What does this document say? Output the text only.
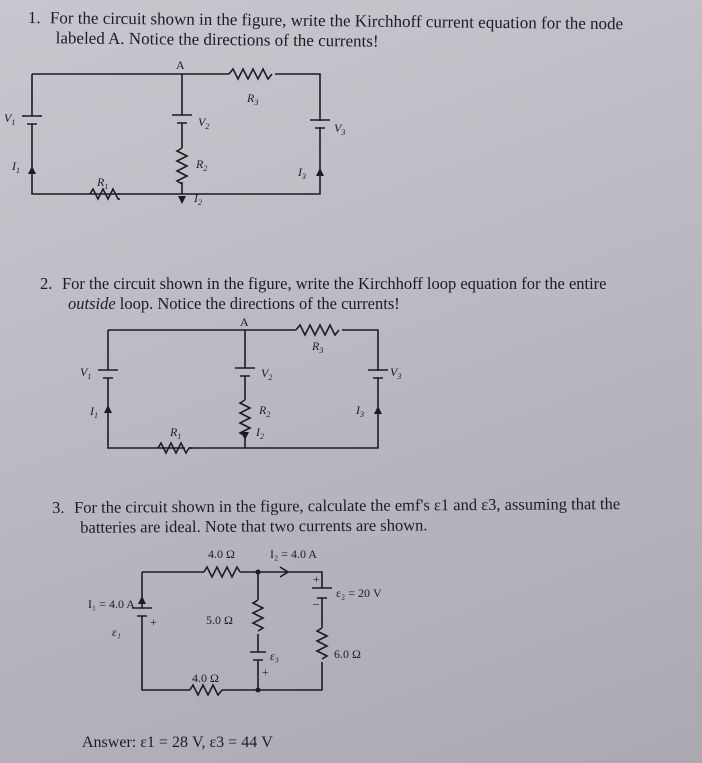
1. For the circuit shown in the figure, write the Kirchhoff current equation for the node
labeled A. Notice the directions of the currents!
2. For the circuit shown in the figure, write the Kirchhoff loop equation for the entire
outside loop. Notice the directions of the currents!
3. For the circuit shown in the figure, calculate the emf's ε1 and ε3, assuming that the
batteries are ideal. Note that two currents are shown.
A
$R_3$
$V_1$	$V_2$	$V_3$
$I_1$	$R_2$	$I_3$
$R_1$
$I_2$
A
$R_3$
$V_1$	$V_2$	$V_3$
$I_1$	$R_2$	$I_3$
$R_1$	$I_2$
4.0 Ω	I₂ = 4.0 A
I₁ = 4.0 A
ε₂ = 20 V
5.0 Ω
ε₁
ε₃	6.0 Ω
4.0 Ω
+
+
–
+
Answer: ε1 = 28 V, ε3 = 44 V
